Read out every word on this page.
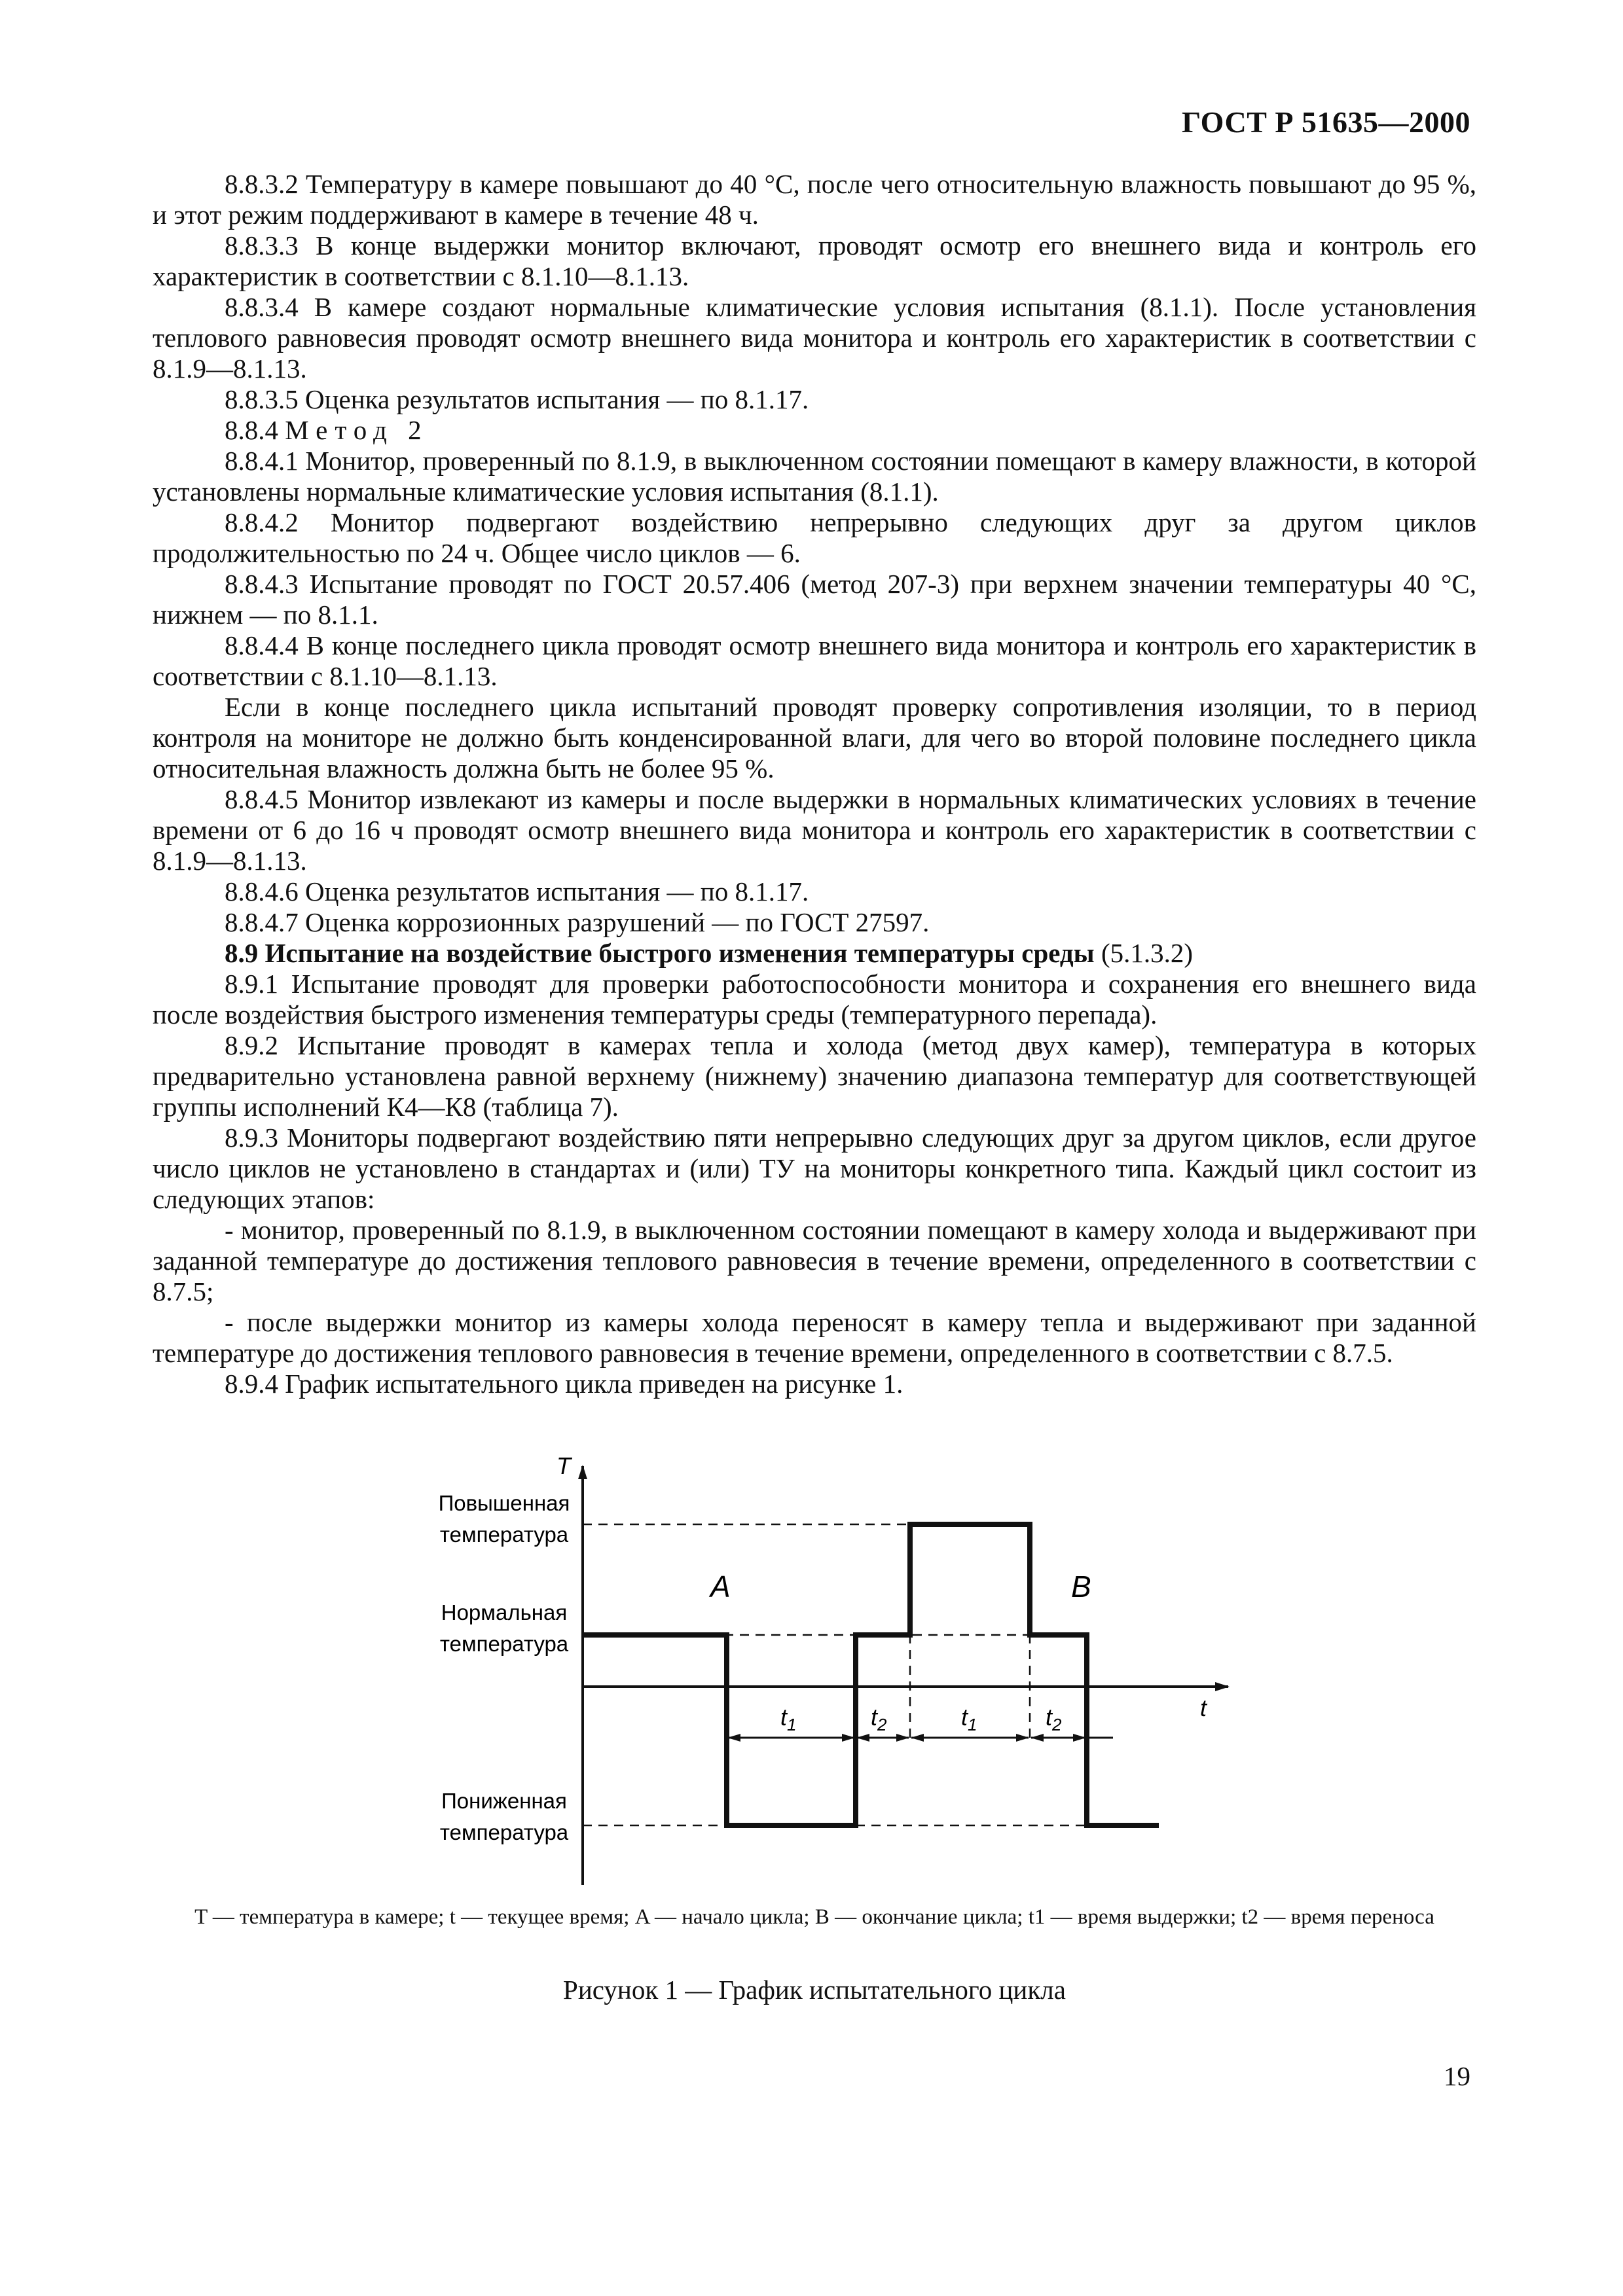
ГОСТ Р 51635—2000

8.8.3.2 Температуру в камере повышают до 40 °С, после чего относительную влажность повышают до 95 %, и этот режим поддерживают в камере в течение 48 ч.

8.8.3.3 В конце выдержки монитор включают, проводят осмотр его внешнего вида и контроль его характеристик в соответствии с 8.1.10—8.1.13.

8.8.3.4 В камере создают нормальные климатические условия испытания (8.1.1). После установления теплового равновесия проводят осмотр внешнего вида монитора и контроль его характеристик в соответствии с 8.1.9—8.1.13.

8.8.3.5 Оценка результатов испытания — по 8.1.17.

8.8.4 Метод 2

8.8.4.1 Монитор, проверенный по 8.1.9, в выключенном состоянии помещают в камеру влажности, в которой установлены нормальные климатические условия испытания (8.1.1).

8.8.4.2 Монитор подвергают воздействию непрерывно следующих друг за другом циклов продолжительностью по 24 ч. Общее число циклов — 6.

8.8.4.3 Испытание проводят по ГОСТ 20.57.406 (метод 207-3) при верхнем значении температуры 40 °С, нижнем — по 8.1.1.

8.8.4.4 В конце последнего цикла проводят осмотр внешнего вида монитора и контроль его характеристик в соответствии с 8.1.10—8.1.13.

Если в конце последнего цикла испытаний проводят проверку сопротивления изоляции, то в период контроля на мониторе не должно быть конденсированной влаги, для чего во второй половине последнего цикла относительная влажность должна быть не более 95 %.

8.8.4.5 Монитор извлекают из камеры и после выдержки в нормальных климатических условиях в течение времени от 6 до 16 ч проводят осмотр внешнего вида монитора и контроль его характеристик в соответствии с 8.1.9—8.1.13.

8.8.4.6 Оценка результатов испытания — по 8.1.17.

8.8.4.7 Оценка коррозионных разрушений — по ГОСТ 27597.

8.9 Испытание на воздействие быстрого изменения температуры среды (5.1.3.2)

8.9.1 Испытание проводят для проверки работоспособности монитора и сохранения его внешнего вида после воздействия быстрого изменения температуры среды (температурного перепада).

8.9.2 Испытание проводят в камерах тепла и холода (метод двух камер), температура в которых предварительно установлена равной верхнему (нижнему) значению диапазона температур для соответствующей группы исполнений К4—К8 (таблица 7).

8.9.3 Мониторы подвергают воздействию пяти непрерывно следующих друг за другом циклов, если другое число циклов не установлено в стандартах и (или) ТУ на мониторы конкретного типа. Каждый цикл состоит из следующих этапов:

- монитор, проверенный по 8.1.9, в выключенном состоянии помещают в камеру холода и выдерживают при заданной температуре до достижения теплового равновесия в течение времени, определенного в соответствии с 8.7.5;

- после выдержки монитор из камеры холода переносят в камеру тепла и выдерживают при заданной температуре до достижения теплового равновесия в течение времени, определенного в соответствии с 8.7.5.

8.9.4 График испытательного цикла приведен на рисунке 1.

T
t
Повышенная
температура
Нормальная
температура
Пониженная
температура
A	B
$t_1$	$t_2$	$t_1$	$t_2$
T — температура в камере; t — текущее время; A — начало цикла; B — окончание цикла; t1 — время выдержки; t2 — время переноса
Рисунок 1 — График испытательного цикла
19
